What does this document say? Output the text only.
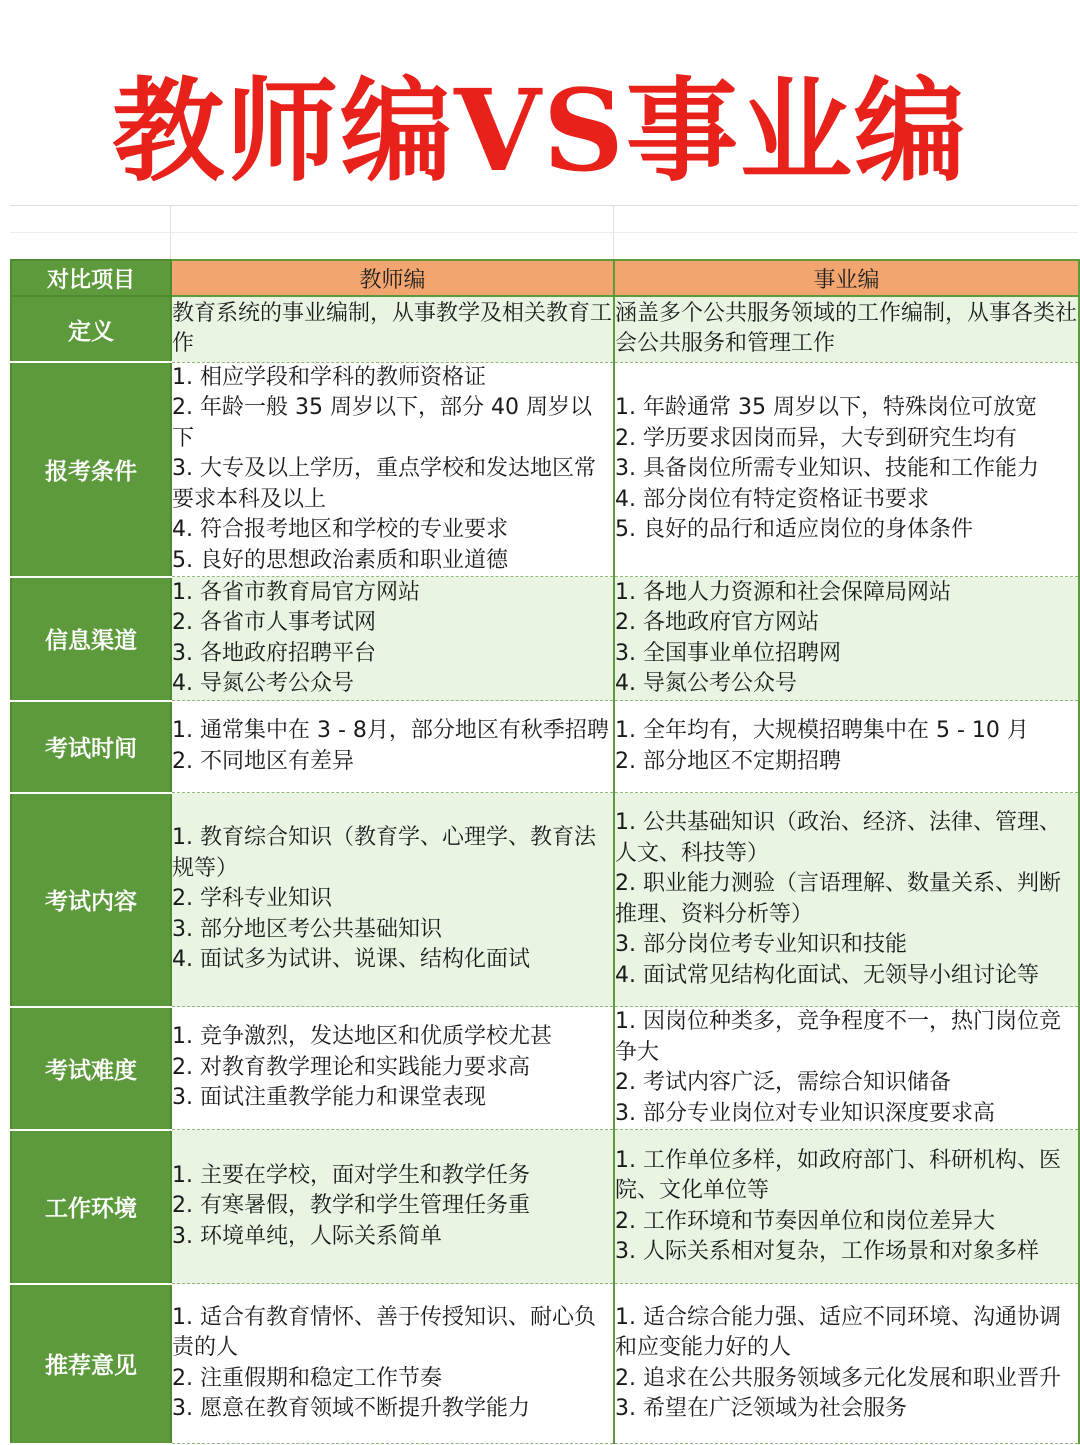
教师编VS事业编
对比项目	教师编	事业编
定义	教育系统的事业编制，从事教学及相关教育工作	涵盖多个公共服务领域的工作编制，从事各类社会公共服务和管理工作

报考条件	1. 相应学段和学科的教师资格证
2. 年龄一般 35 周岁以下，部分 40 周岁以下
3. 大专及以上学历，重点学校和发达地区常要求本科及以上
4. 符合报考地区和学校的专业要求
5. 良好的思想政治素质和职业道德	1. 年龄通常 35 周岁以下，特殊岗位可放宽
2. 学历要求因岗而异，大专到研究生均有
3. 具备岗位所需专业知识、技能和工作能力
4. 部分岗位有特定资格证书要求
5. 良好的品行和适应岗位的身体条件

信息渠道	1. 各省市教育局官方网站
2. 各省市人事考试网
3. 各地政府招聘平台
4. 导氮公考公众号	1. 各地人力资源和社会保障局网站
2. 各地政府官方网站
3. 全国事业单位招聘网
4. 导氮公考公众号

考试时间	1. 通常集中在 3 - 8月，部分地区有秋季招聘
2. 不同地区有差异	1. 全年均有，大规模招聘集中在 5 - 10 月
2. 部分地区不定期招聘

考试内容	1. 教育综合知识（教育学、心理学、教育法规等）
2. 学科专业知识
3. 部分地区考公共基础知识
4. 面试多为试讲、说课、结构化面试	1. 公共基础知识（政治、经济、法律、管理、人文、科技等）
2. 职业能力测验（言语理解、数量关系、判断推理、资料分析等）
3. 部分岗位考专业知识和技能
4. 面试常见结构化面试、无领导小组讨论等

考试难度	1. 竞争激烈，发达地区和优质学校尤甚
2. 对教育教学理论和实践能力要求高
3. 面试注重教学能力和课堂表现	1. 因岗位种类多，竞争程度不一，热门岗位竞争大
2. 考试内容广泛，需综合知识储备
3. 部分专业岗位对专业知识深度要求高

工作环境	1. 主要在学校，面对学生和教学任务
2. 有寒暑假，教学和学生管理任务重
3. 环境单纯，人际关系简单	1. 工作单位多样，如政府部门、科研机构、医院、文化单位等
2. 工作环境和节奏因单位和岗位差异大
3. 人际关系相对复杂，工作场景和对象多样

推荐意见	1. 适合有教育情怀、善于传授知识、耐心负责的人
2. 注重假期和稳定工作节奏
3. 愿意在教育领域不断提升教学能力	1. 适合综合能力强、适应不同环境、沟通协调和应变能力好的人
2. 追求在公共服务领域多元化发展和职业晋升
3. 希望在广泛领域为社会服务
